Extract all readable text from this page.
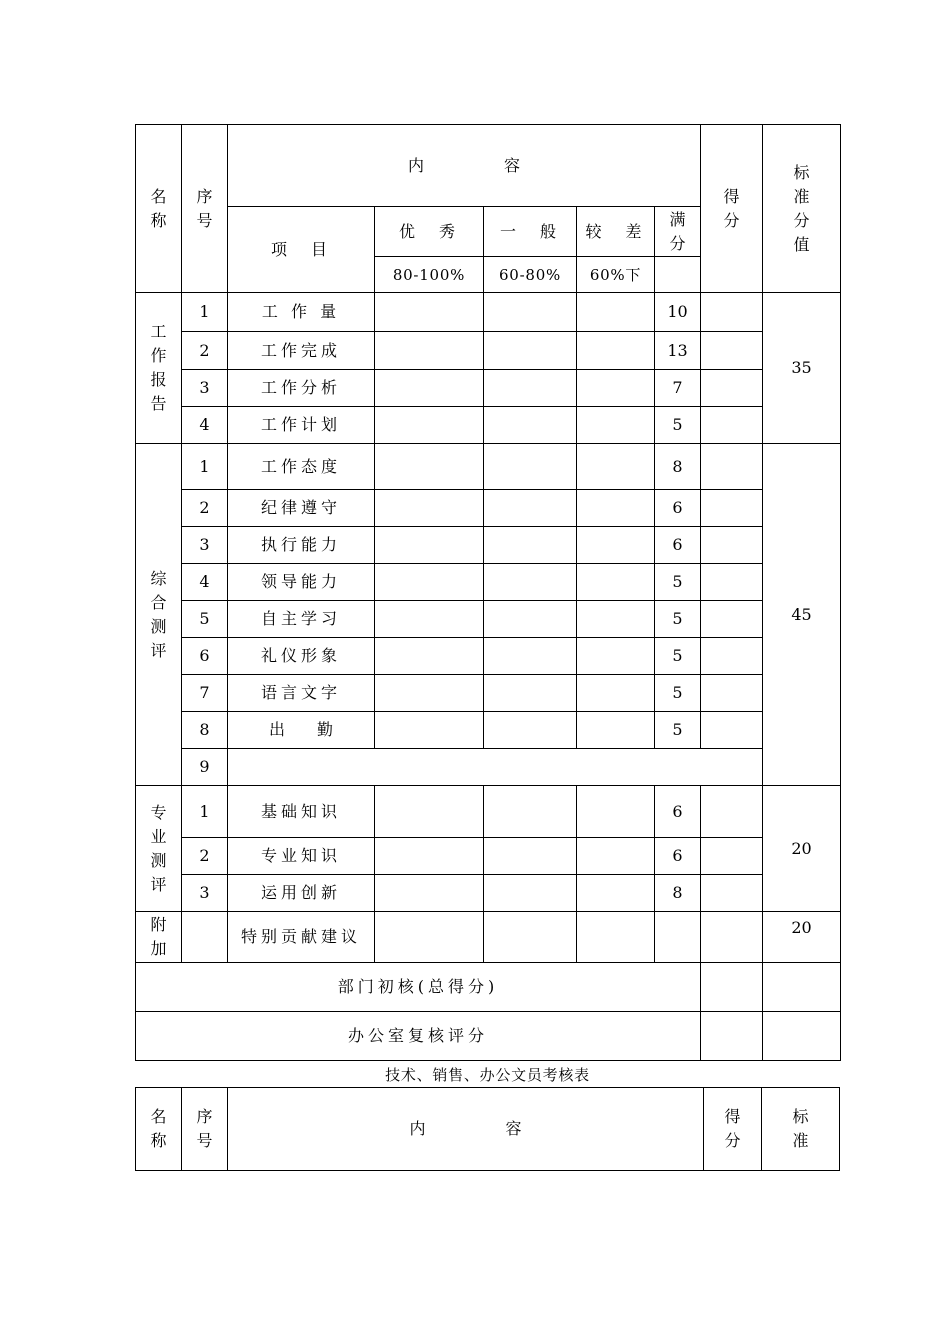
名称	序号	内　　　　　容					得分	标准分值
		项　目	优　秀	一　般	较　差	满分		
			80-100%	60-80%	60%下			
工作报告	1	工 作 量				10		35
	2	工作完成				13		
	3	工作分析				7		
	4	工作计划				5		
综合测评	1	工作态度				8		45
	2	纪律遵守				6		
	3	执行能力				6		
	4	领导能力				5		
	5	自主学习				5		
	6	礼仪形象				5		
	7	语言文字				5		
	8	出　　勤				5		
	9							
专业测评	1	基础知识				6		20
	2	专业知识				6		
	3	运用创新				8		
附加		特别贡献建议						20
部门初核(总得分)								
办公室复核评分								
技术、销售、办公文员考核表
名称	序号	内　　　　　容	得分	标准
